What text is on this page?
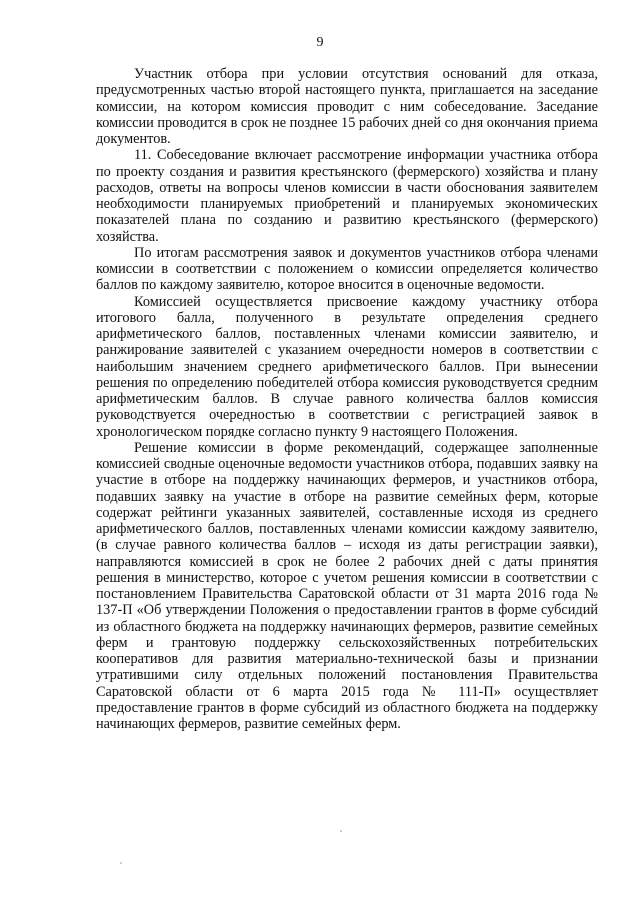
9

Участник отбора при условии отсутствия оснований для отказа, предусмотренных частью второй настоящего пункта, приглашается на заседание комиссии, на котором комиссия проводит с ним собеседование. Заседание комиссии проводится в срок не позднее 15 рабочих дней со дня окончания приема документов.

11. Собеседование включает рассмотрение информации участника отбора по проекту создания и развития крестьянского (фермерского) хозяйства и плану расходов, ответы на вопросы членов комиссии в части обоснования заявителем необходимости планируемых приобретений и планируемых экономических показателей плана по созданию и развитию крестьянского (фермерского) хозяйства.

По итогам рассмотрения заявок и документов участников отбора членами комиссии в соответствии с положением о комиссии определяется количество баллов по каждому заявителю, которое вносится в оценочные ведомости.

Комиссией осуществляется присвоение каждому участнику отбора итогового балла, полученного в результате определения среднего арифметического баллов, поставленных членами комиссии заявителю, и ранжирование заявителей с указанием очередности номеров в соответствии с наибольшим значением среднего арифметического баллов. При вынесении решения по определению победителей отбора комиссия руководствуется средним арифметическим баллов. В случае равного количества баллов комиссия руководствуется очередностью в соответствии с регистрацией заявок в хронологическом порядке согласно пункту 9 настоящего Положения.

Решение комиссии в форме рекомендаций, содержащее заполненные комиссией сводные оценочные ведомости участников отбора, подавших заявку на участие в отборе на поддержку начинающих фермеров, и участников отбора, подавших заявку на участие в отборе на развитие семейных ферм, которые содержат рейтинги указанных заявителей, составленные исходя из среднего арифметического баллов, поставленных членами комиссии каждому заявителю, (в случае равного количества баллов – исходя из даты регистрации заявки), направляются комиссией в срок не более 2 рабочих дней с даты принятия решения в министерство, которое с учетом решения комиссии в соответствии с постановлением Правительства Саратовской области от 31 марта 2016 года № 137-П «Об утверждении Положения о предоставлении грантов в форме субсидий из областного бюджета на поддержку начинающих фермеров, развитие семейных ферм и грантовую поддержку сельскохозяйственных потребительских кооперативов для развития материально-технической базы и признании утратившими силу отдельных положений постановления Правительства Саратовской области от 6 марта 2015 года № 111-П» осуществляет предоставление грантов в форме субсидий из областного бюджета на поддержку начинающих фермеров, развитие семейных ферм.
